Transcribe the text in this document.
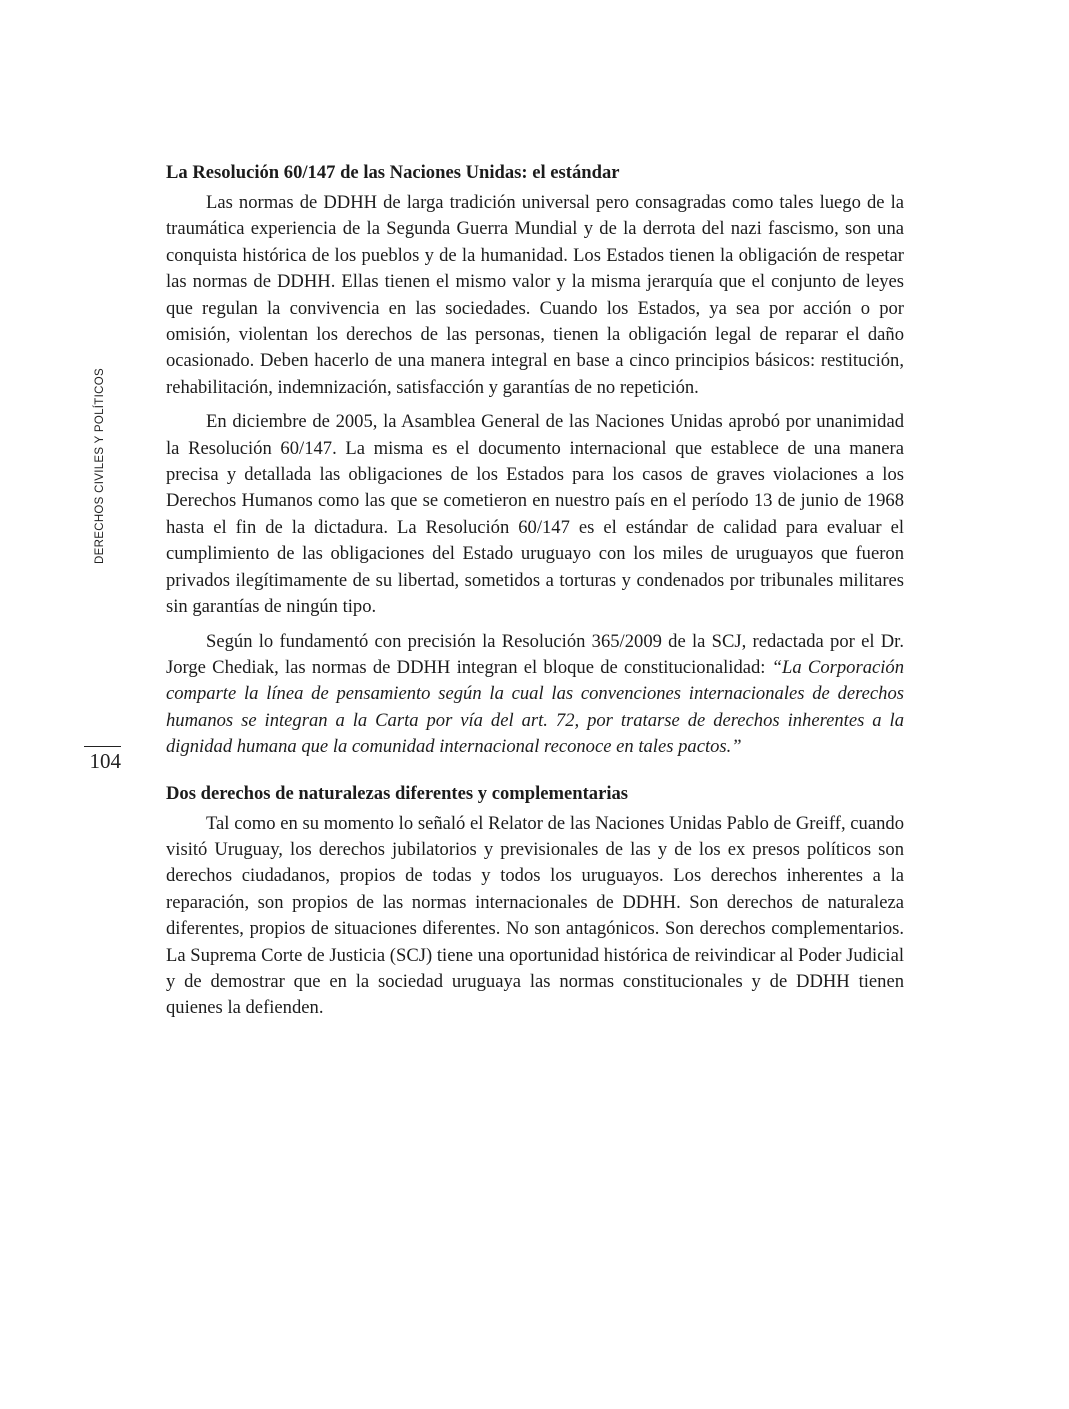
DERECHOS CIVILES Y POLÍTICOS
104
La Resolución 60/147 de las Naciones Unidas: el estándar

Las normas de DDHH de larga tradición universal pero consagradas como tales luego de la traumática experiencia de la Segunda Guerra Mundial y de la derrota del nazi fascismo, son una conquista histórica de los pueblos y de la humanidad. Los Estados tienen la obligación de respetar las normas de DDHH. Ellas tienen el mismo valor y la misma jerarquía que el conjunto de leyes que regulan la convivencia en las sociedades. Cuando los Estados, ya sea por acción o por omisión, violentan los derechos de las personas, tienen la obligación legal de reparar el daño ocasionado. Deben hacerlo de una manera integral en base a cinco principios básicos: restitución, rehabilitación, indemnización, satisfacción y garantías de no repetición.

En diciembre de 2005, la Asamblea General de las Naciones Unidas aprobó por unanimidad la Resolución 60/147. La misma es el documento internacional que establece de una manera precisa y detallada las obligaciones de los Estados para los casos de graves violaciones a los Derechos Humanos como las que se cometieron en nuestro país en el período 13 de junio de 1968 hasta el fin de la dictadura. La Resolución 60/147 es el estándar de calidad para evaluar el cumplimiento de las obligaciones del Estado uruguayo con los miles de uruguayos que fueron privados ilegítimamente de su libertad, sometidos a torturas y condenados por tribunales militares sin garantías de ningún tipo.

Según lo fundamentó con precisión la Resolución 365/2009 de la SCJ, redactada por el Dr. Jorge Chediak, las normas de DDHH integran el bloque de constitucionalidad: “La Corporación comparte la línea de pensamiento según la cual las convenciones internacionales de derechos humanos se integran a la Carta por vía del art. 72, por tratarse de derechos inherentes a la dignidad humana que la comunidad internacional reconoce en tales pactos.”

Dos derechos de naturalezas diferentes y complementarias

Tal como en su momento lo señaló el Relator de las Naciones Unidas Pablo de Greiff, cuando visitó Uruguay, los derechos jubilatorios y previsionales de las y de los ex presos políticos son derechos ciudadanos, propios de todas y todos los uruguayos. Los derechos inherentes a la reparación, son propios de las normas internacionales de DDHH. Son derechos de naturaleza diferentes, propios de situaciones diferentes. No son antagónicos. Son derechos complementarios. La Suprema Corte de Justicia (SCJ) tiene una oportunidad histórica de reivindicar al Poder Judicial y de demostrar que en la sociedad uruguaya las normas constitucionales y de DDHH tienen quienes la defienden.
